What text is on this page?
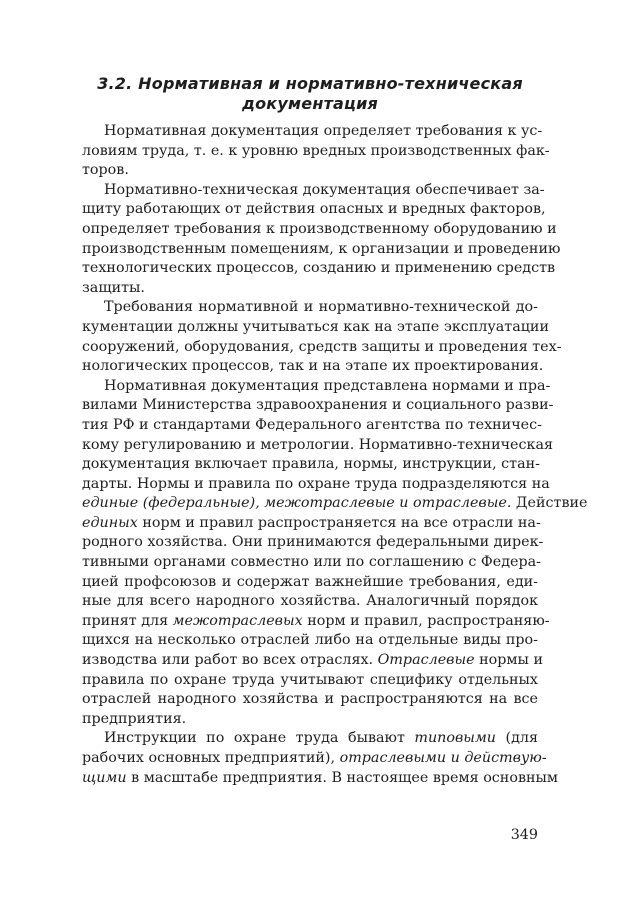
3.2. Нормативная и нормативно-техническая
документация
Нормативная документация определяет требования к ус-
ловиям труда, т. е. к уровню вредных производственных фак-
торов.
Нормативно-техническая документация обеспечивает за-
щиту работающих от действия опасных и вредных факторов,
определяет требования к производственному оборудованию и
производственным помещениям, к организации и проведению
технологических процессов, созданию и применению средств
защиты.
Требования нормативной и нормативно-технической до-
кументации должны учитываться как на этапе эксплуатации
сооружений, оборудования, средств защиты и проведения тех-
нологических процессов, так и на этапе их проектирования.
Нормативная документация представлена нормами и пра-
вилами Министерства здравоохранения и социального разви-
тия РФ и стандартами Федерального агентства по техничес-
кому регулированию и метрологии. Нормативно-техническая
документация включает правила, нормы, инструкции, стан-
дарты. Нормы и правила по охране труда подразделяются на
единые (федеральные), межотраслевые и отраслевые. Действие
единых норм и правил распространяется на все отрасли на-
родного хозяйства. Они принимаются федеральными дирек-
тивными органами совместно или по соглашению с Федера-
цией профсоюзов и содержат важнейшие требования, еди-
ные для всего народного хозяйства. Аналогичный порядок
принят для межотраслевых норм и правил, распространяю-
щихся на несколько отраслей либо на отдельные виды про-
изводства или работ во всех отраслях. Отраслевые нормы и
правила по охране труда учитывают специфику отдельных
отраслей народного хозяйства и распространяются на все
предприятия.
Инструкции по охране труда бывают типовыми (для
рабочих основных предприятий), отраслевыми и действую-
щими в масштабе предприятия. В настоящее время основным
349
